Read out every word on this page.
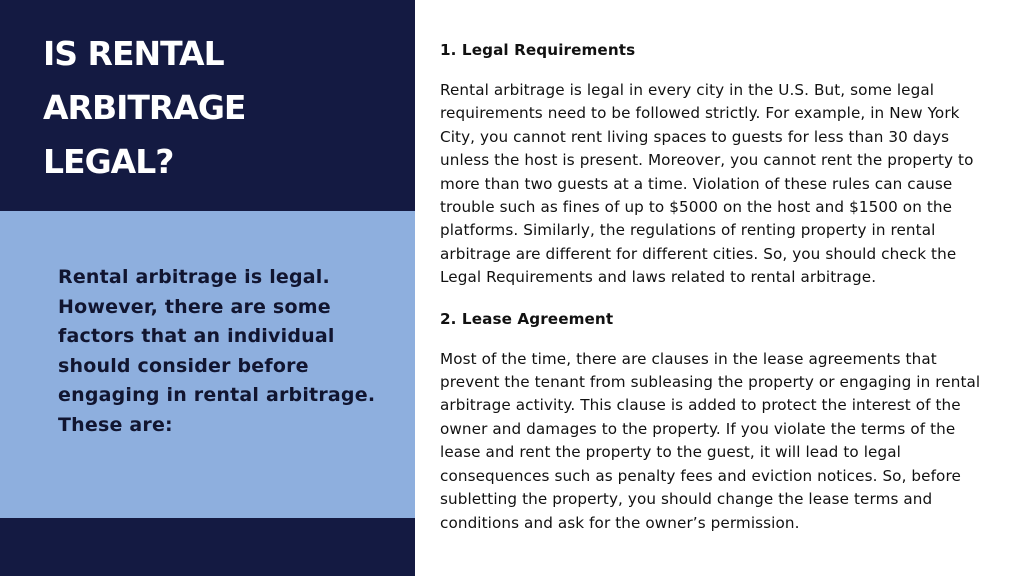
IS RENTAL
ARBITRAGE
LEGAL?

Rental arbitrage is legal. However, there are some factors that an individual should consider before engaging in rental arbitrage. These are:

1. Legal Requirements

Rental arbitrage is legal in every city in the U.S. But, some legal requirements need to be followed strictly. For example, in New York City, you cannot rent living spaces to guests for less than 30 days unless the host is present. Moreover, you cannot rent the property to more than two guests at a time. Violation of these rules can cause trouble such as fines of up to $5000 on the host and $1500 on the platforms. Similarly, the regulations of renting property in rental arbitrage are different for different cities. So, you should check the Legal Requirements and laws related to rental arbitrage.

2. Lease Agreement

Most of the time, there are clauses in the lease agreements that prevent the tenant from subleasing the property or engaging in rental arbitrage activity. This clause is added to protect the interest of the owner and damages to the property. If you violate the terms of the lease and rent the property to the guest, it will lead to legal consequences such as penalty fees and eviction notices. So, before subletting the property, you should change the lease terms and conditions and ask for the owner’s permission.
